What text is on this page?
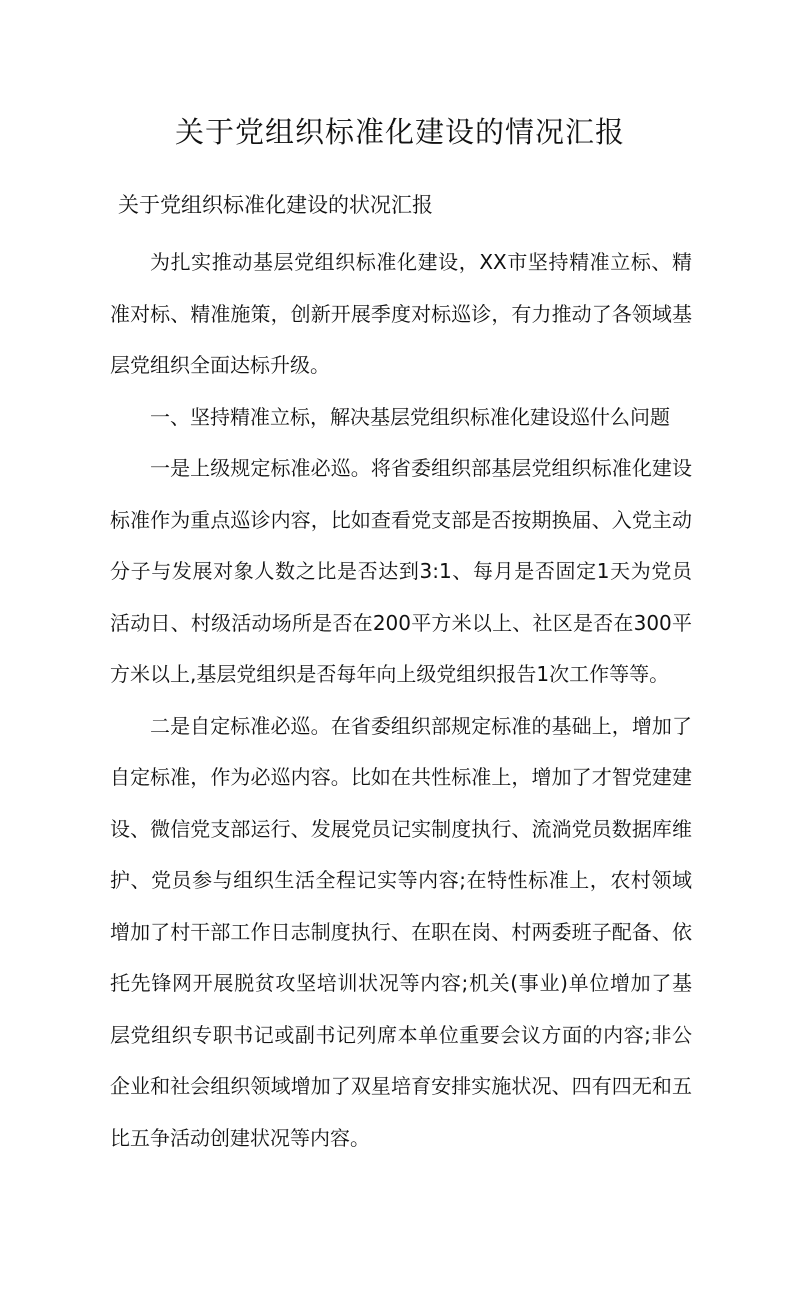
关于党组织标准化建设的情况汇报

关于党组织标准化建设的状况汇报

为扎实推动基层党组织标准化建设，XX市坚持精准立标、精准对标、精准施策，创新开展季度对标巡诊，有力推动了各领域基层党组织全面达标升级。

一、坚持精准立标，解决基层党组织标准化建设巡什么问题

一是上级规定标准必巡。将省委组织部基层党组织标准化建设标准作为重点巡诊内容，比如查看党支部是否按期换届、入党主动分子与发展对象人数之比是否达到3:1、每月是否固定1天为党员活动日、村级活动场所是否在200平方米以上、社区是否在300平方米以上,基层党组织是否每年向上级党组织报告1次工作等等。

二是自定标准必巡。在省委组织部规定标准的基础上，增加了自定标准，作为必巡内容。比如在共性标准上，增加了才智党建建设、微信党支部运行、发展党员记实制度执行、流淌党员数据库维护、党员参与组织生活全程记实等内容;在特性标准上，农村领域增加了村干部工作日志制度执行、在职在岗、村两委班子配备、依托先锋网开展脱贫攻坚培训状况等内容;机关(事业)单位增加了基层党组织专职书记或副书记列席本单位重要会议方面的内容;非公企业和社会组织领域增加了双星培育安排实施状况、四有四无和五比五争活动创建状况等内容。
